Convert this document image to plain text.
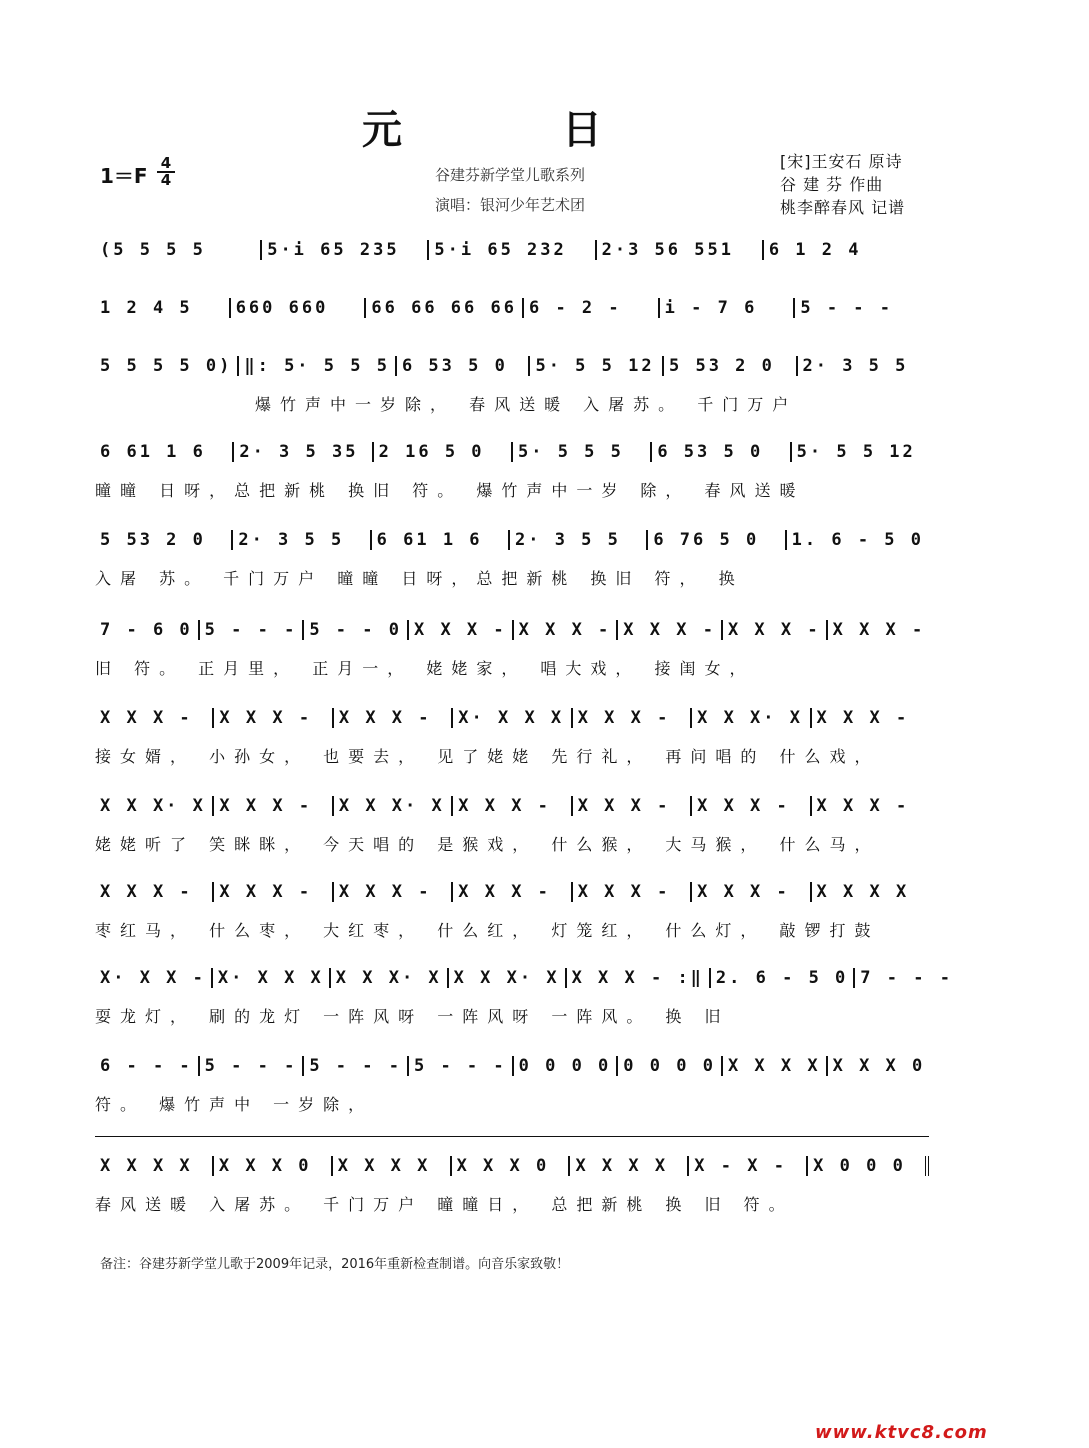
元　日
1＝F
4
4	谷建芬新学堂儿歌系列
演唱：银河少年艺术团
[宋]王安石 原诗
谷 建 芬 作曲
桃李醉春风 记谱
(5 5 5 5	5·i 65 235	5·i 65 232	2·3 56 551	6 1 2 4
1 2 4 5	660 660	66 66 66 66 6 - 2 -	i - 7 6	5 - - -
5 5 5 5 0) ‖: 5· 5 5 5 6 53 5 0	5· 5 5 12 5 53 2 0	2· 3 5 5
爆竹声中一岁除， 春风送暖 入屠苏。 千门万户
6 61 1 6	2· 3 5 35	2 16 5 0	5· 5 5 5	6 53 5 0	5· 5 5 12
曈曈 日呀，总把新桃 换旧 符。 爆竹声中一岁 除， 春风送暖
5 53 2 0	2· 3 5 5	6 61 1 6	2· 3 5 5	6 76 5 0	1. 6 - 5 0
入屠 苏。 千门万户 曈曈 日呀，总把新桃 换旧 符， 换
7 - 6 0 5 - - - 5 - - 0 X X X - X X X - X X X - X X X - X X X -
旧 符。 正月里， 正月一， 姥姥家， 唱大戏， 接闺女，
X X X -	X X X -	X X X -	X· X X X X X X -	X X X· X X X X -
接女婿， 小孙女， 也要去， 见了姥姥 先行礼， 再问唱的 什么戏，
X X X· X X X X -	X X X· X X X X -	X X X -	X X X -	X X X -
姥姥听了 笑眯眯， 今天唱的 是猴戏， 什么猴， 大马猴， 什么马，
X X X -	X X X -	X X X -	X X X -	X X X -	X X X -	X X X X
枣红马， 什么枣， 大红枣， 什么红， 灯笼红， 什么灯， 敲锣打鼓
X· X X - X· X X X X X X· X X X X· X X X X - :‖ 2. 6 - 5 0 7 - - -
耍龙灯， 刷的龙灯 一阵风呀 一阵风呀 一阵风。 换 旧
6 - - - 5 - - - 5 - - - 5 - - - 0 0 0 0 0 0 0 0 X X X X X X X 0
符。 爆竹声中 一岁除，
X X X X	X X X 0	X X X X	X X X 0	X X X X	X - X -	X 0 0 0
春风送暖 入屠苏。 千门万户 曈曈日， 总把新桃 换 旧 符。
备注：谷建芬新学堂儿歌于2009年记录，2016年重新检查制谱。向音乐家致敬！
www.ktvc8.com
